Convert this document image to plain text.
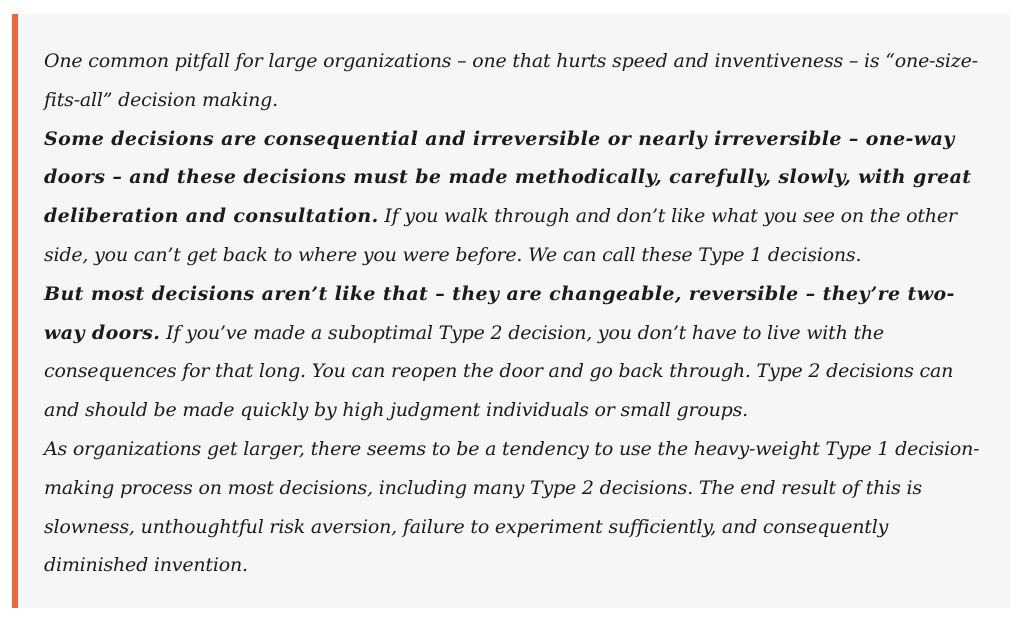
One common pitfall for large organizations – one that hurts speed and inventiveness – is “one-size-fits-all” decision making.

Some decisions are consequential and irreversible or nearly irreversible – one-way doors – and these decisions must be made methodically, carefully, slowly, with great deliberation and consultation. If you walk through and don’t like what you see on the other side, you can’t get back to where you were before. We can call these Type 1 decisions.

But most decisions aren’t like that – they are changeable, reversible – they’re two-way doors. If you’ve made a suboptimal Type 2 decision, you don’t have to live with the consequences for that long. You can reopen the door and go back through. Type 2 decisions can and should be made quickly by high judgment individuals or small groups.

As organizations get larger, there seems to be a tendency to use the heavy-weight Type 1 decision-making process on most decisions, including many Type 2 decisions. The end result of this is slowness, unthoughtful risk aversion, failure to experiment sufficiently, and consequently diminished invention.
